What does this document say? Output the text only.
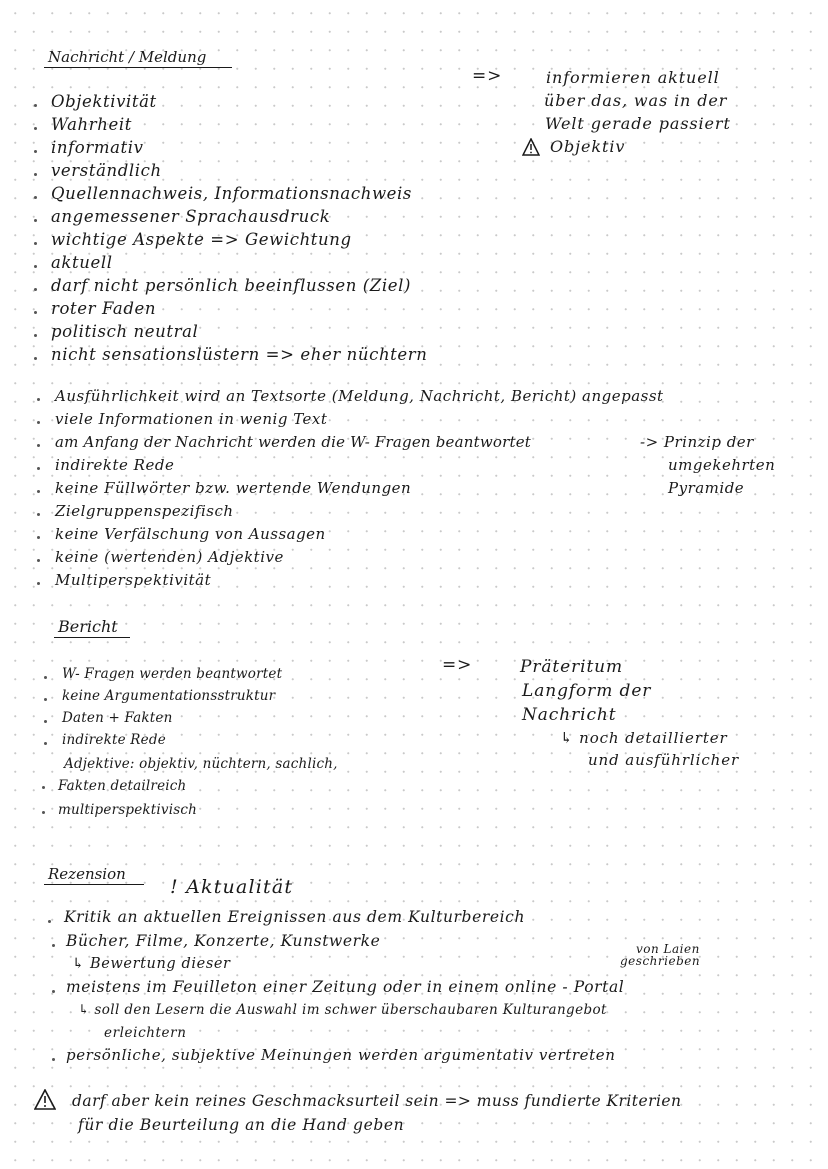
Nachricht / Meldung
=>	informieren aktuell
über das, was in der
Welt gerade passiert
Objektiv
Objektivität
Wahrheit
informativ
verständlich
Quellennachweis, Informationsnachweis
angemessener Sprachausdruck
wichtige Aspekte => Gewichtung
aktuell
darf nicht persönlich beeinflussen (Ziel)
roter Faden
politisch neutral
nicht sensationslüstern => eher nüchtern
Ausführlichkeit wird an Textsorte (Meldung, Nachricht, Bericht) angepasst
viele Informationen in wenig Text
am Anfang der Nachricht werden die W- Fragen beantwortet
indirekte Rede
keine Füllwörter bzw. wertende Wendungen
Zielgruppenspezifisch
keine Verfälschung von Aussagen
keine (wertenden) Adjektive
Multiperspektivität
-> Prinzip der
umgekehrten
Pyramide
Bericht
=>	Präteritum
Langform der
Nachricht
↳ noch detaillierter
und ausführlicher
W- Fragen werden beantwortet
keine Argumentationsstruktur
Daten + Fakten
indirekte Rede
Adjektive: objektiv, nüchtern, sachlich,
Fakten detailreich
multiperspektivisch
Rezension
! Aktualität
Kritik an aktuellen Ereignissen aus dem Kulturbereich
Bücher, Filme, Konzerte, Kunstwerke
↳ Bewertung dieser
meistens im Feuilleton einer Zeitung oder in einem online - Portal
↳ soll den Lesern die Auswahl im schwer überschaubaren Kulturangebot
erleichtern
persönliche, subjektive Meinungen werden argumentativ vertreten
von Laien
geschrieben
darf aber kein reines Geschmacksurteil sein => muss fundierte Kriterien
für die Beurteilung an die Hand geben
